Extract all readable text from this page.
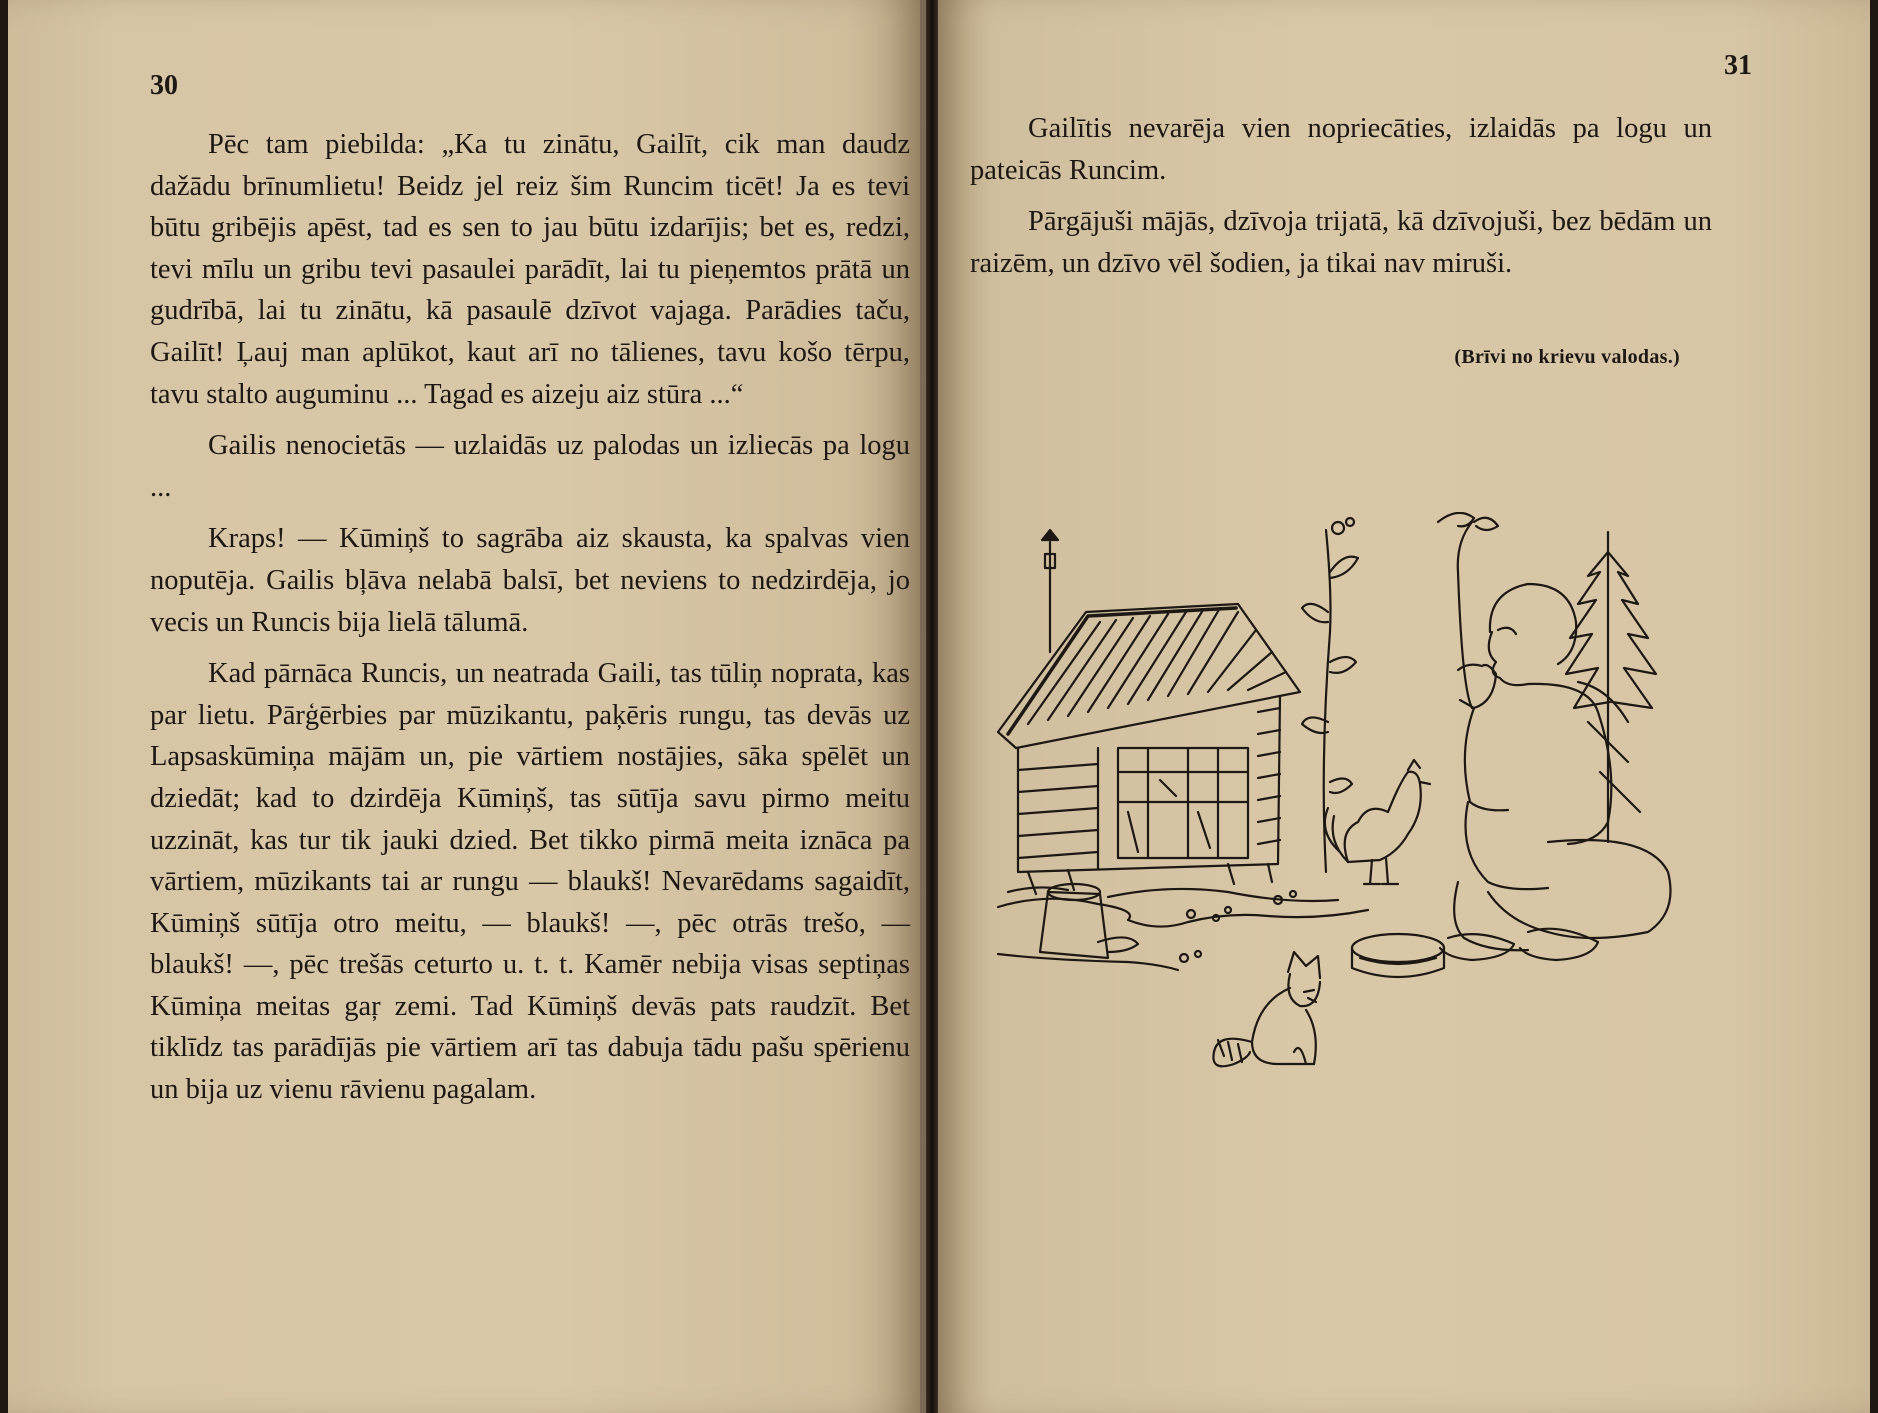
30

Pēc tam piebilda: „Ka tu zinātu, Gailīt, cik man daudz dažādu brīnumlietu! Beidz jel reiz šim Runcim ticēt! Ja es tevi būtu gribējis apēst, tad es sen to jau būtu izdarījis; bet es, redzi, tevi mīlu un gribu tevi pasaulei parādīt, lai tu pieņemtos prātā un gudrībā, lai tu zinātu, kā pasaulē dzīvot vajaga. Parādies taču, Gailīt! Ļauj man aplūkot, kaut arī no tālienes, tavu košo tērpu, tavu stalto auguminu ... Tagad es aizeju aiz stūra ...“

Gailis nenocietās — uzlaidās uz palodas un izliecās pa logu ...

Kraps! — Kūmiņš to sagrāba aiz skausta, ka spalvas vien noputēja. Gailis bļāva nelabā balsī, bet neviens to nedzirdēja, jo vecis un Runcis bija lielā tālumā.

Kad pārnāca Runcis, un neatrada Gaili, tas tūliņ noprata, kas par lietu. Pārģērbies par mūzikantu, paķēris rungu, tas devās uz Lapsaskūmiņa mājām un, pie vārtiem nostājies, sāka spēlēt un dziedāt; kad to dzirdēja Kūmiņš, tas sūtīja savu pirmo meitu uzzināt, kas tur tik jauki dzied. Bet tikko pirmā meita iznāca pa vārtiem, mūzikants tai ar rungu — blaukš! Nevarēdams sagaidīt, Kūmiņš sūtīja otro meitu, — blaukš! —, pēc otrās trešo, — blaukš! —, pēc trešās ceturto u. t. t. Kamēr nebija visas septiņas Kūmiņa meitas gaŗ zemi. Tad Kūmiņš devās pats raudzīt. Bet tiklīdz tas parādījās pie vārtiem arī tas dabuja tādu pašu spērienu un bija uz vienu rāvienu pagalam.

31

Gailītis nevarēja vien nopriecāties, izlaidās pa logu un pateicās Runcim.

Pārgājuši mājās, dzīvoja trijatā, kā dzīvojuši, bez bēdām un raizēm, un dzīvo vēl šodien, ja tikai nav miruši.

(Brīvi no krievu valodas.)
